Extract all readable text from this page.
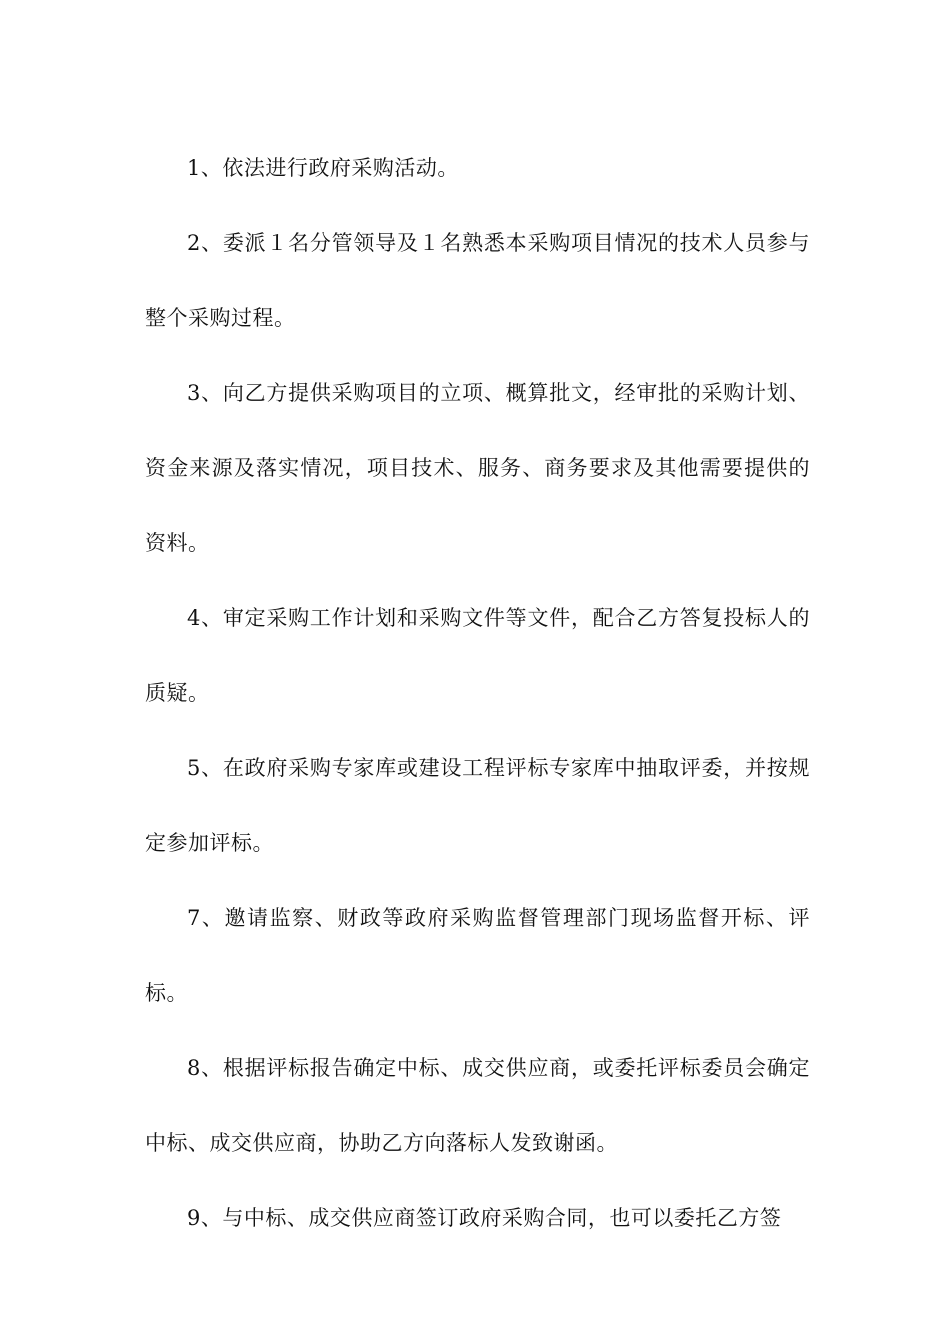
1、依法进行政府采购活动。

2、委派１名分管领导及１名熟悉本采购项目情况的技术人员参与整个采购过程。

3、向乙方提供采购项目的立项、概算批文，经审批的采购计划、资金来源及落实情况，项目技术、服务、商务要求及其他需要提供的资料。

4、审定采购工作计划和采购文件等文件，配合乙方答复投标人的质疑。

5、在政府采购专家库或建设工程评标专家库中抽取评委，并按规定参加评标。

7、邀请监察、财政等政府采购监督管理部门现场监督开标、评标。

8、根据评标报告确定中标、成交供应商，或委托评标委员会确定中标、成交供应商，协助乙方向落标人发致谢函。

9、与中标、成交供应商签订政府采购合同，也可以委托乙方签
